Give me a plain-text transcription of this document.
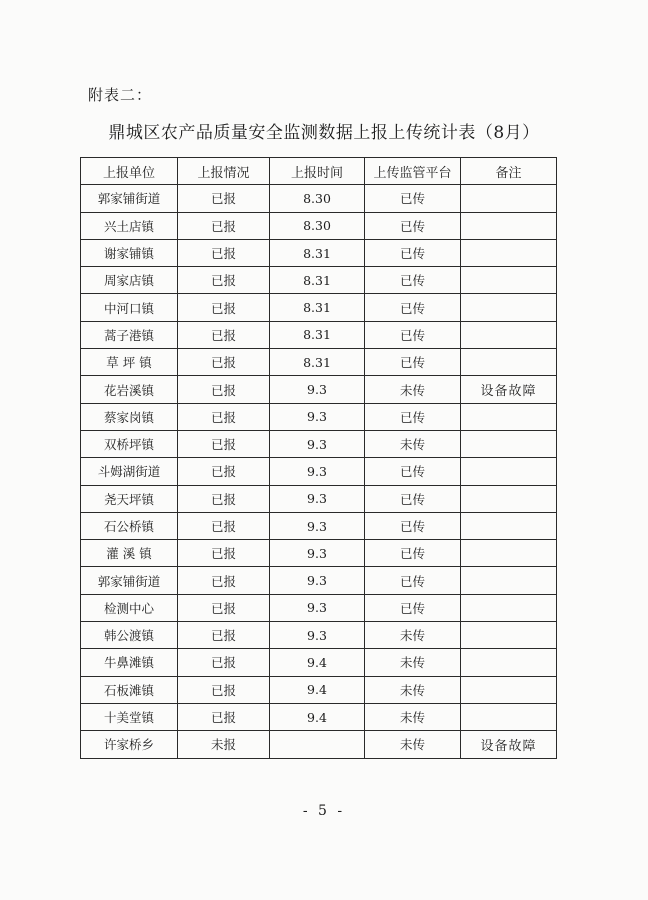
附表二：
鼎城区农产品质量安全监测数据上报上传统计表（8月）
上报单位	上报情况	上报时间	上传监管平台	备注
郭家铺街道	已报	8.30	已传	
兴土店镇	已报	8.30	已传	
谢家铺镇	已报	8.31	已传	
周家店镇	已报	8.31	已传	
中河口镇	已报	8.31	已传	
蒿子港镇	已报	8.31	已传	
草 坪 镇	已报	8.31	已传	
花岩溪镇	已报	9.3	未传	设备故障
蔡家岗镇	已报	9.3	已传	
双桥坪镇	已报	9.3	未传	
斗姆湖街道	已报	9.3	已传	
尧天坪镇	已报	9.3	已传	
石公桥镇	已报	9.3	已传	
灌 溪 镇	已报	9.3	已传	
郭家铺街道	已报	9.3	已传	
检测中心	已报	9.3	已传	
韩公渡镇	已报	9.3	未传	
牛鼻滩镇	已报	9.4	未传	
石板滩镇	已报	9.4	未传	
十美堂镇	已报	9.4	未传	
许家桥乡	未报		未传	设备故障
- 5 -
